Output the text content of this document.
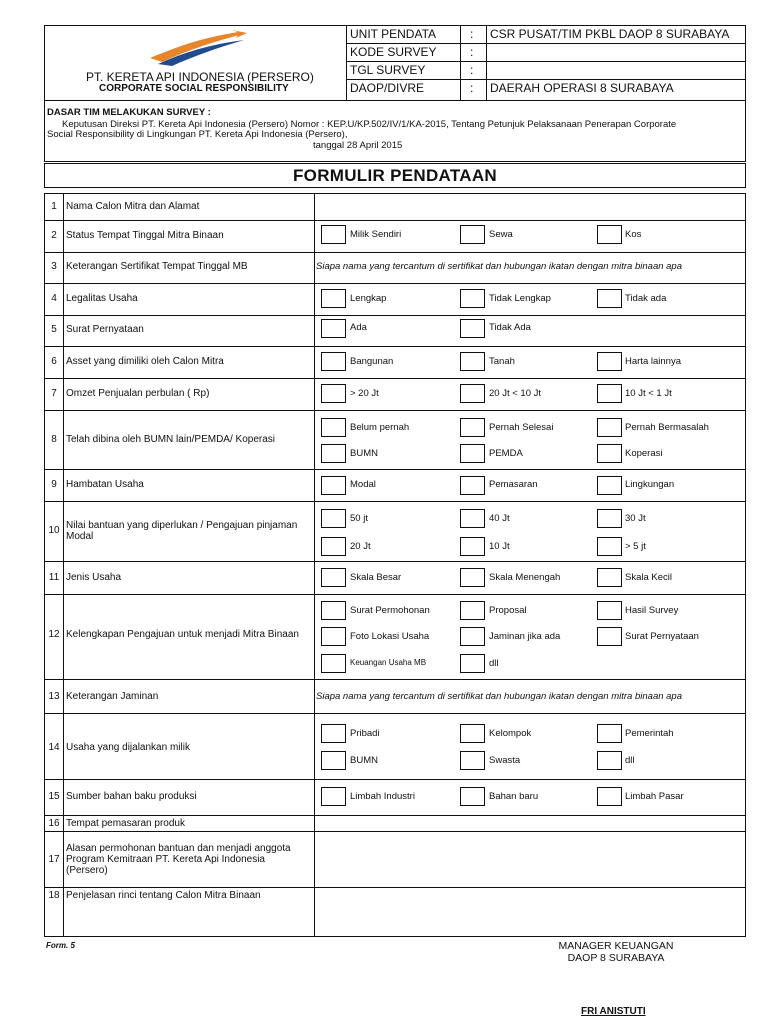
PT. KERETA API INDONESIA (PERSERO)
CORPORATE SOCIAL RESPONSIBILITY
UNIT PENDATA	: CSR PUSAT/TIM PKBL DAOP 8 SURABAYA
KODE SURVEY	:
TGL SURVEY	:
DAOP/DIVRE	: DAERAH OPERASI 8 SURABAYA
DASAR TIM MELAKUKAN SURVEY :
Keputusan Direksi PT. Kereta Api Indonesia (Persero) Nomor : KEP.U/KP.502/IV/1/KA-2015, Tentang Petunjuk Pelaksanaan Penerapan Corporate
Social Responsibility di Lingkungan PT. Kereta Api Indonesia (Persero),
tanggal 28 April 2015
FORMULIR PENDATAAN
1 Nama Calon Mitra dan Alamat
2 Status Tempat Tinggal Mitra Binaan	Milik Sendiri	Sewa	Kos
3 Keterangan Sertifikat Tempat Tinggal MB	Siapa nama yang tercantum di sertifikat dan hubungan ikatan dengan mitra binaan apa
4 Legalitas Usaha	Lengkap	Tidak Lengkap	Tidak ada
5 Surat Pernyataan	Ada	Tidak Ada
6 Asset yang dimiliki oleh Calon Mitra	Bangunan	Tanah	Harta lainnya
7 Omzet Penjualan perbulan ( Rp)	> 20 Jt	20 Jt < 10 Jt	10 Jt < 1 Jt
8 Telah dibina oleh BUMN lain/PEMDA/ Koperasi
Belum pernah	Pernah Selesai	Pernah Bermasalah
BUMN	PEMDA	Koperasi
9 Hambatan Usaha	Modal	Pemasaran	Lingkungan
10 Nilai bantuan yang diperlukan / Pengajuan pinjaman
Modal
50 jt	40 Jt	30 Jt
20 Jt	10 Jt	> 5 jt
11 Jenis Usaha	Skala Besar	Skala Menengah	Skala Kecil
12 Kelengkapan Pengajuan untuk menjadi Mitra Binaan
Surat Permohonan	Proposal	Hasil Survey
Foto Lokasi Usaha	Jaminan jika ada	Surat Pernyataan
Keuangan Usaha MB	dll
13 Keterangan Jaminan	Siapa nama yang tercantum di sertifikat dan hubungan ikatan dengan mitra binaan apa
14 Usaha yang dijalankan milik
Pribadi	Kelompok	Pemerintah
BUMN	Swasta	dll
15 Sumber bahan baku produksi	Limbah Industri	Bahan baru	Limbah Pasar
16 Tempat pemasaran produk
17
Alasan permohonan bantuan dan menjadi anggota
Program Kemitraan PT. Kereta Api Indonesia
(Persero)
18 Penjelasan rinci tentang Calon Mitra Binaan
Form. 5	MANAGER KEUANGAN
DAOP 8 SURABAYA
FRI ANISTUTI
